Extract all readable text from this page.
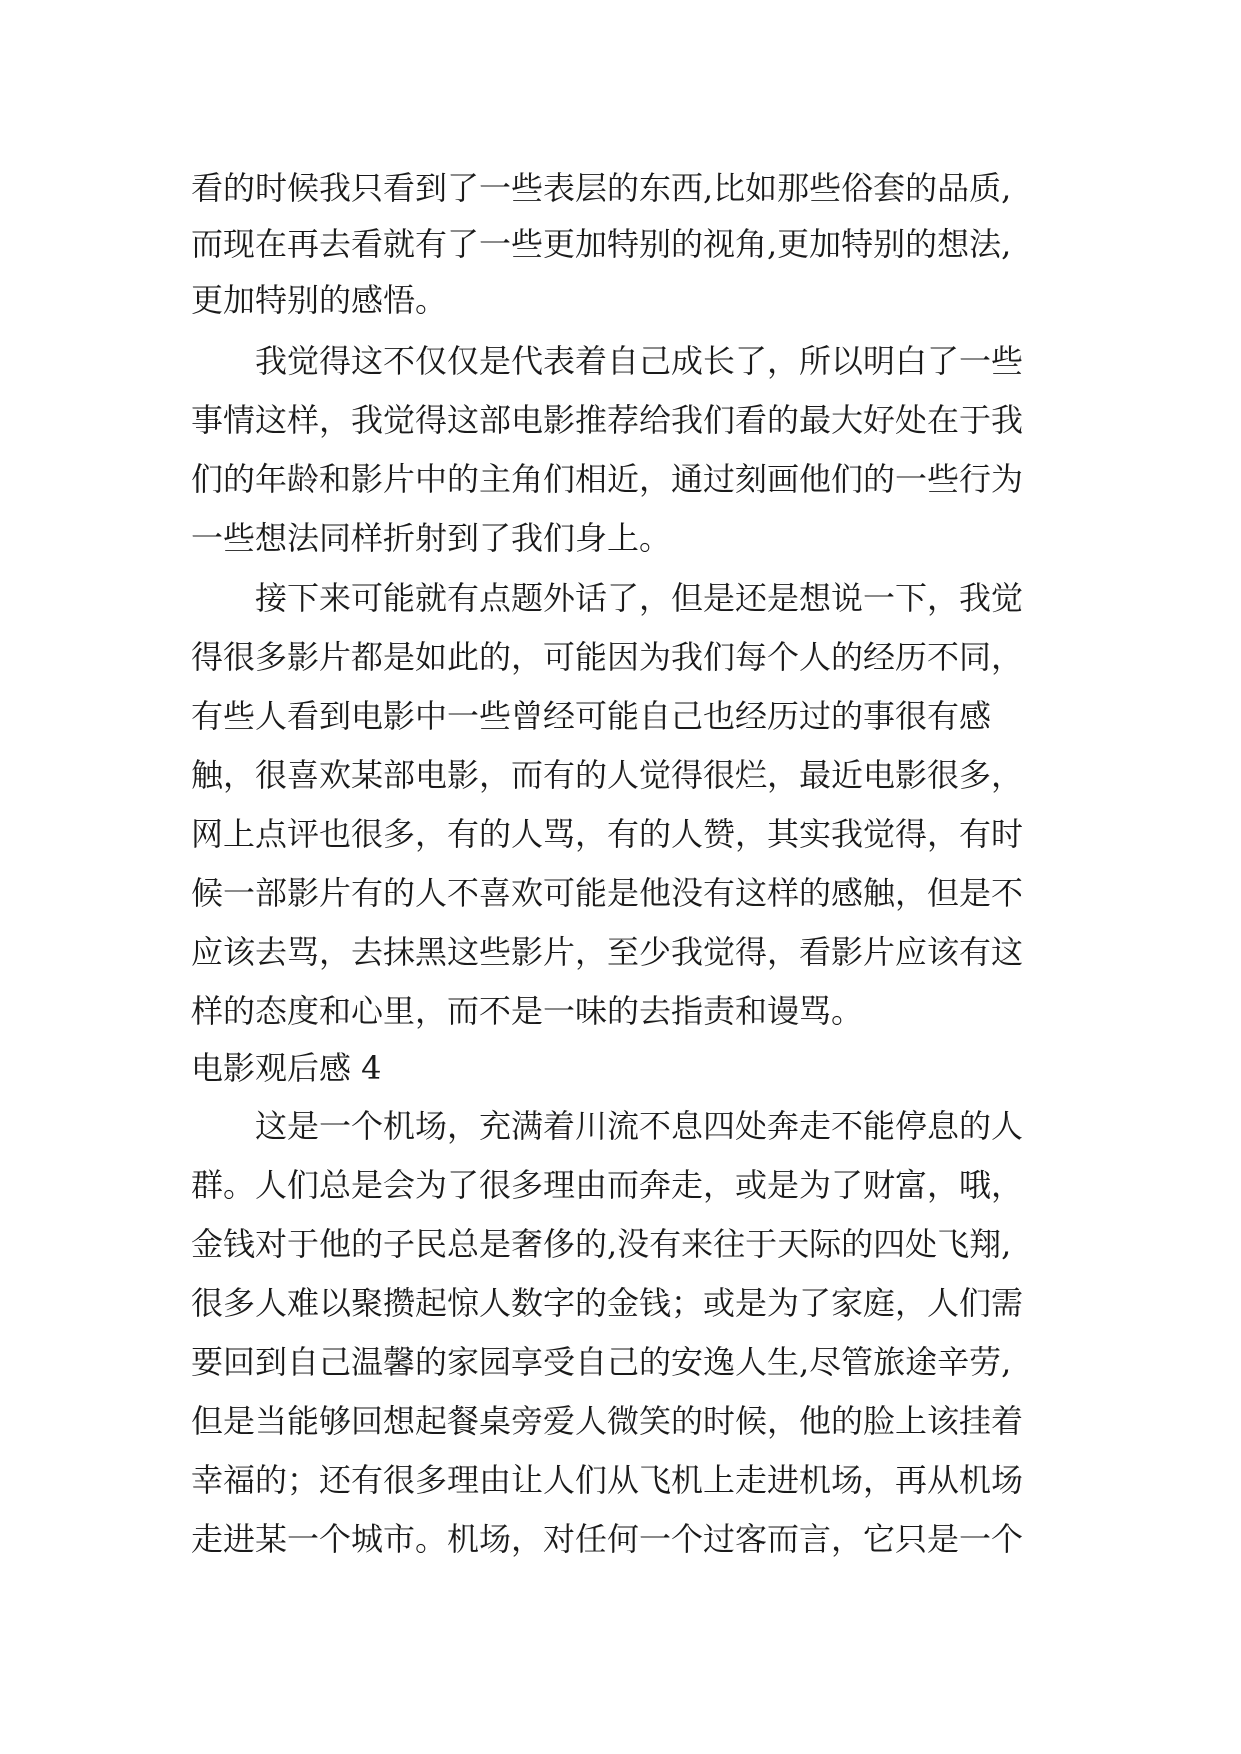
看的时候我只看到了一些表层的东西,比如那些俗套的品质,
而现在再去看就有了一些更加特别的视角,更加特别的想法,
更加特别的感悟。
我觉得这不仅仅是代表着自己成长了，所以明白了一些
事情这样，我觉得这部电影推荐给我们看的最大好处在于我
们的年龄和影片中的主角们相近，通过刻画他们的一些行为
一些想法同样折射到了我们身上。
接下来可能就有点题外话了，但是还是想说一下，我觉
得很多影片都是如此的，可能因为我们每个人的经历不同，
有些人看到电影中一些曾经可能自己也经历过的事很有感
触，很喜欢某部电影，而有的人觉得很烂，最近电影很多，
网上点评也很多，有的人骂，有的人赞，其实我觉得，有时
候一部影片有的人不喜欢可能是他没有这样的感触，但是不
应该去骂，去抹黑这些影片，至少我觉得，看影片应该有这
样的态度和心里，而不是一味的去指责和谩骂。
电影观后感 4
这是一个机场，充满着川流不息四处奔走不能停息的人
群。人们总是会为了很多理由而奔走，或是为了财富，哦，
金钱对于他的子民总是奢侈的,没有来往于天际的四处飞翔,
很多人难以聚攒起惊人数字的金钱；或是为了家庭，人们需
要回到自己温馨的家园享受自己的安逸人生,尽管旅途辛劳,
但是当能够回想起餐桌旁爱人微笑的时候，他的脸上该挂着
幸福的；还有很多理由让人们从飞机上走进机场，再从机场
走进某一个城市。机场，对任何一个过客而言，它只是一个
